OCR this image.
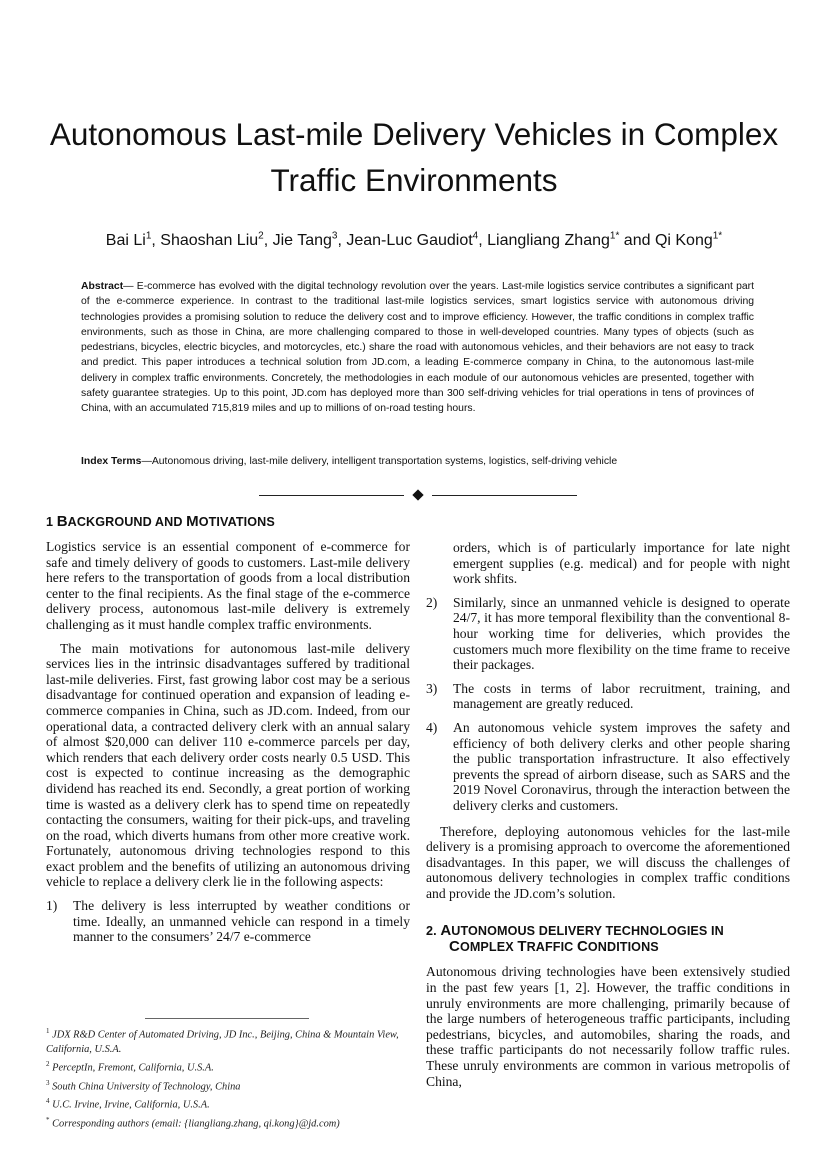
Autonomous Last-mile Delivery Vehicles in Complex Traffic Environments
Bai Li$^1$, Shaoshan Liu$^2$, Jie Tang$^3$, Jean-Luc Gaudiot$^4$, Liangliang Zhang$^{1*}$ and Qi Kong$^{1*}$
Abstract— E-commerce has evolved with the digital technology revolution over the years. Last-mile logistics service contributes a significant part of the e-commerce experience. In contrast to the traditional last-mile logistics services, smart logistics service with autonomous driving technologies provides a promising solution to reduce the delivery cost and to improve efficiency. However, the traffic conditions in complex traffic environments, such as those in China, are more challenging compared to those in well-developed countries. Many types of objects (such as pedestrians, bicycles, electric bicycles, and motorcycles, etc.) share the road with autonomous vehicles, and their behaviors are not easy to track and predict. This paper introduces a technical solution from JD.com, a leading E-commerce company in China, to the autonomous last-mile delivery in complex traffic environments. Concretely, the methodologies in each module of our autonomous vehicles are presented, together with safety guarantee strategies. Up to this point, JD.com has deployed more than 300 self-driving vehicles for trial operations in tens of provinces of China, with an accumulated 715,819 miles and up to millions of on-road testing hours.
Index Terms—Autonomous driving, last-mile delivery, intelligent transportation systems, logistics, self-driving vehicle
1 BACKGROUND AND MOTIVATIONS

Logistics service is an essential component of e-commerce for safe and timely delivery of goods to customers. Last-mile delivery here refers to the transportation of goods from a local distribution center to the final recipients. As the final stage of the e-commerce delivery process, autonomous last-mile delivery is extremely challenging as it must handle complex traffic environments.

The main motivations for autonomous last-mile delivery services lies in the intrinsic disadvantages suffered by traditional last-mile deliveries. First, fast growing labor cost may be a serious disadvantage for continued operation and expansion of leading e-commerce companies in China, such as JD.com. Indeed, from our operational data, a contracted delivery clerk with an annual salary of almost $20,000 can deliver 110 e-commerce parcels per day, which renders that each delivery order costs nearly 0.5 USD. This cost is expected to continue increasing as the demographic dividend has reached its end. Secondly, a great portion of working time is wasted as a delivery clerk has to spend time on repeatedly contacting the consumers, waiting for their pick-ups, and traveling on the road, which diverts humans from other more creative work. Fortunately, autonomous driving technologies respond to this exact problem and the benefits of utilizing an autonomous driving vehicle to replace a delivery clerk lie in the following aspects:

1) The delivery is less interrupted by weather conditions or time. Ideally, an unmanned vehicle can respond in a timely manner to the consumers’ 24/7 e-commerce

$^1$ JDX R&D Center of Automated Driving, JD Inc., Beijing, China & Mountain View, California, U.S.A.

$^2$ PerceptIn, Fremont, California, U.S.A.

$^3$ South China University of Technology, China

$^4$ U.C. Irvine, Irvine, California, U.S.A.

* Corresponding authors (email: {liangliang.zhang, qi.kong}@jd.com)

orders, which is of particularly importance for late night emergent supplies (e.g. medical) and for people with night work shfits.
2) Similarly, since an unmanned vehicle is designed to operate 24/7, it has more temporal flexibility than the conventional 8-hour working time for deliveries, which provides the customers much more flexibility on the time frame to receive their packages.
3) The costs in terms of labor recruitment, training, and management are greatly reduced.
4) An autonomous vehicle system improves the safety and efficiency of both delivery clerks and other people sharing the public transportation infrastructure. It also effectively prevents the spread of airborn disease, such as SARS and the 2019 Novel Coronavirus, through the interaction between the delivery clerks and customers.

Therefore, deploying autonomous vehicles for the last-mile delivery is a promising approach to overcome the aforementioned disadvantages. In this paper, we will discuss the challenges of autonomous delivery technologies in complex traffic conditions and provide the JD.com’s solution.

2. AUTONOMOUS DELIVERY TECHNOLOGIES IN
COMPLEX TRAFFIC CONDITIONS

Autonomous driving technologies have been extensively studied in the past few years [1, 2]. However, the traffic conditions in unruly environments are more challenging, primarily because of the large numbers of heterogeneous traffic participants, including pedestrians, bicycles, and automobiles, sharing the roads, and these traffic participants do not necessarily follow traffic rules. These unruly environments are common in various metropolis of China,
